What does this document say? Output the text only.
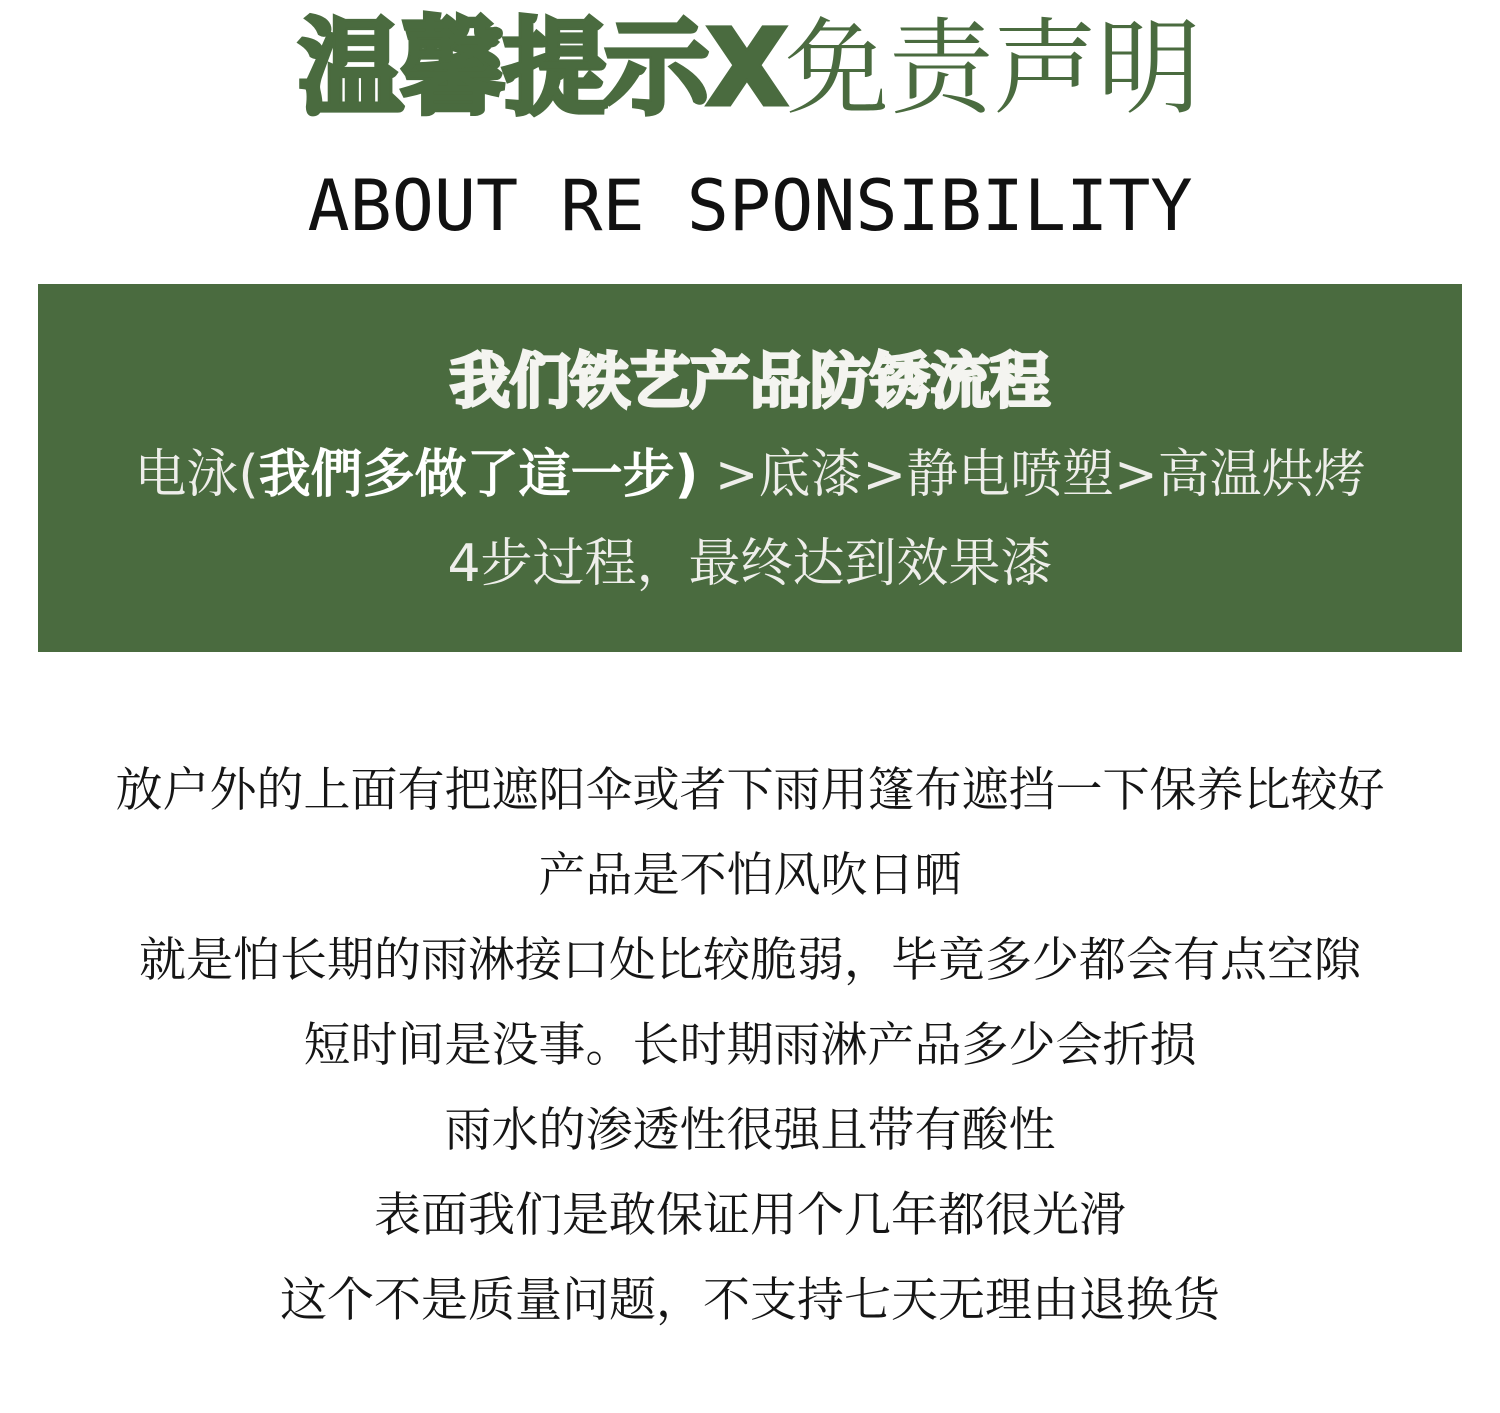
温馨提示X免责声明
ABOUT RE SPONSIBILITY
我们铁艺产品防锈流程
电泳(我們多做了這一步) >底漆>静电喷塑>高温烘烤
4步过程，最终达到效果漆
放户外的上面有把遮阳伞或者下雨用篷布遮挡一下保养比较好
产品是不怕风吹日晒
就是怕长期的雨淋接口处比较脆弱，毕竟多少都会有点空隙
短时间是没事。长时期雨淋产品多少会折损
雨水的渗透性很强且带有酸性
表面我们是敢保证用个几年都很光滑
这个不是质量问题，不支持七天无理由退换货
